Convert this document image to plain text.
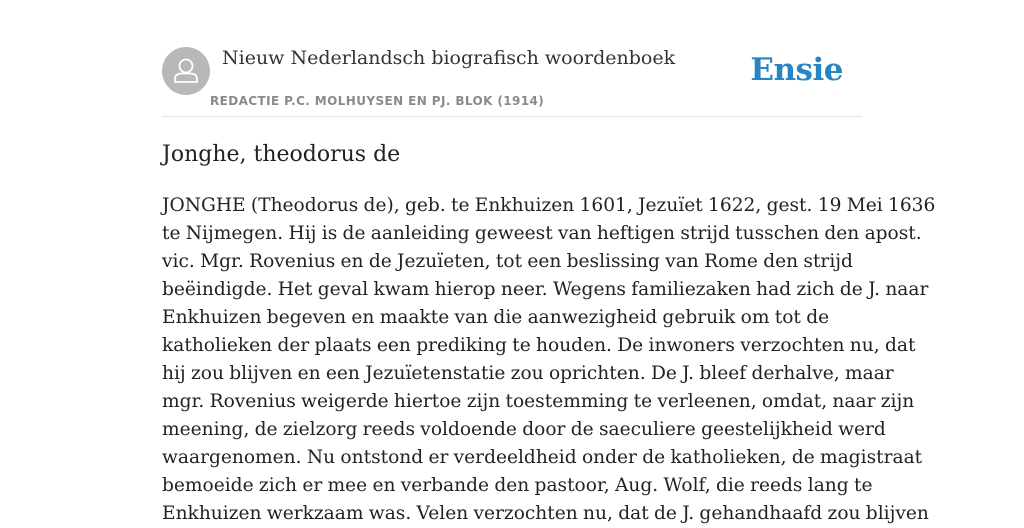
Nieuw Nederlandsch biografisch woordenboek
REDACTIE P.C. MOLHUYSEN EN PJ. BLOK (1914)
Ensie
Jonghe, theodorus de
JONGHE (Theodorus de), geb. te Enkhuizen 1601, Jezuïet 1622, gest. 19 Mei 1636
te Nijmegen. Hij is de aanleiding geweest van heftigen strijd tusschen den apost.
vic. Mgr. Rovenius en de Jezuïeten, tot een beslissing van Rome den strijd
beëindigde. Het geval kwam hierop neer. Wegens familiezaken had zich de J. naar
Enkhuizen begeven en maakte van die aanwezigheid gebruik om tot de
katholieken der plaats een prediking te houden. De inwoners verzochten nu, dat
hij zou blijven en een Jezuïetenstatie zou oprichten. De J. bleef derhalve, maar
mgr. Rovenius weigerde hiertoe zijn toestemming te verleenen, omdat, naar zijn
meening, de zielzorg reeds voldoende door de saeculiere geestelijkheid werd
waargenomen. Nu ontstond er verdeeldheid onder de katholieken, de magistraat
bemoeide zich er mee en verbande den pastoor, Aug. Wolf, die reeds lang te
Enkhuizen werkzaam was. Velen verzochten nu, dat de J. gehandhaafd zou blijven
